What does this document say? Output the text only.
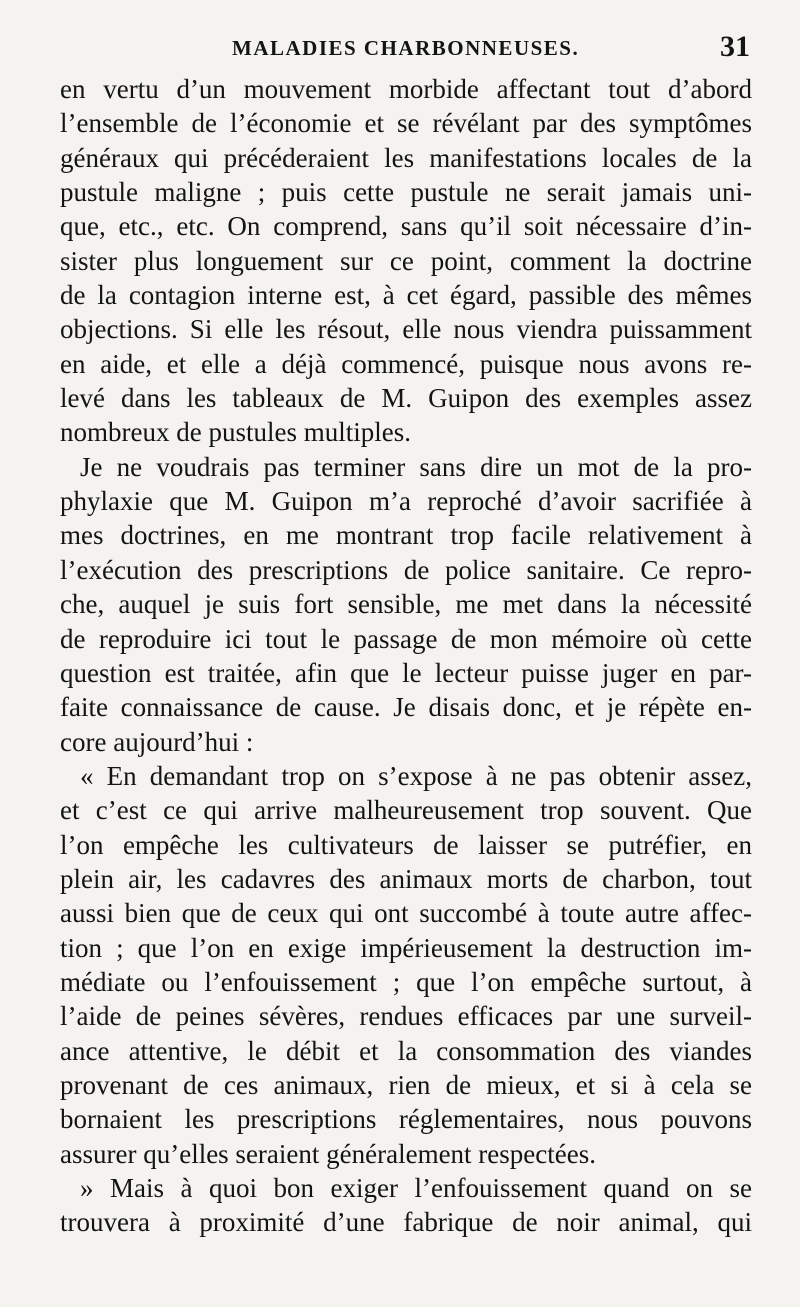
MALADIES CHARBONNEUSES.	31
en vertu d’un mouvement morbide affectant tout d’abord
l’ensemble de l’économie et se révélant par des symptômes
généraux qui précéderaient les manifestations locales de la
pustule maligne ; puis cette pustule ne serait jamais uni-
que, etc., etc. On comprend, sans qu’il soit nécessaire d’in-
sister plus longuement sur ce point, comment la doctrine
de la contagion interne est, à cet égard, passible des mêmes
objections. Si elle les résout, elle nous viendra puissamment
en aide, et elle a déjà commencé, puisque nous avons re-
levé dans les tableaux de M. Guipon des exemples assez
nombreux de pustules multiples.
Je ne voudrais pas terminer sans dire un mot de la pro-
phylaxie que M. Guipon m’a reproché d’avoir sacrifiée à
mes doctrines, en me montrant trop facile relativement à
l’exécution des prescriptions de police sanitaire. Ce repro-
che, auquel je suis fort sensible, me met dans la nécessité
de reproduire ici tout le passage de mon mémoire où cette
question est traitée, afin que le lecteur puisse juger en par-
faite connaissance de cause. Je disais donc, et je répète en-
core aujourd’hui :
« En demandant trop on s’expose à ne pas obtenir assez,
et c’est ce qui arrive malheureusement trop souvent. Que
l’on empêche les cultivateurs de laisser se putréfier, en
plein air, les cadavres des animaux morts de charbon, tout
aussi bien que de ceux qui ont succombé à toute autre affec-
tion ; que l’on en exige impérieusement la destruction im-
médiate ou l’enfouissement ; que l’on empêche surtout, à
l’aide de peines sévères, rendues efficaces par une surveil-
ance attentive, le débit et la consommation des viandes
provenant de ces animaux, rien de mieux, et si à cela se
bornaient les prescriptions réglementaires, nous pouvons
assurer qu’elles seraient généralement respectées.
» Mais à quoi bon exiger l’enfouissement quand on se
trouvera à proximité d’une fabrique de noir animal, qui
